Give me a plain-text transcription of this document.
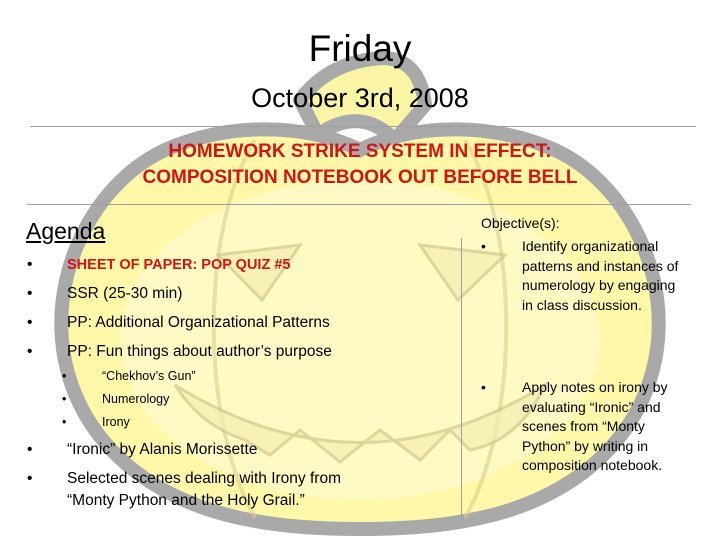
Friday
October 3rd, 2008
HOMEWORK STRIKE SYSTEM IN EFFECT:
COMPOSITION NOTEBOOK OUT BEFORE BELL
Agenda
• SHEET OF PAPER: POP QUIZ #5
• SSR (25-30 min)
• PP: Additional Organizational Patterns
• PP: Fun things about author’s purpose
•	“Chekhov’s Gun”
•	Numerology
•	Irony
• “Ironic” by Alanis Morissette
• Selected scenes dealing with Irony from
“Monty Python and the Holy Grail.”
Objective(s):
•	Identify organizational patterns and instances of numerology by engaging in class discussion.
•	Apply notes on irony by evaluating “Ironic” and scenes from “Monty Python” by writing in composition notebook.
